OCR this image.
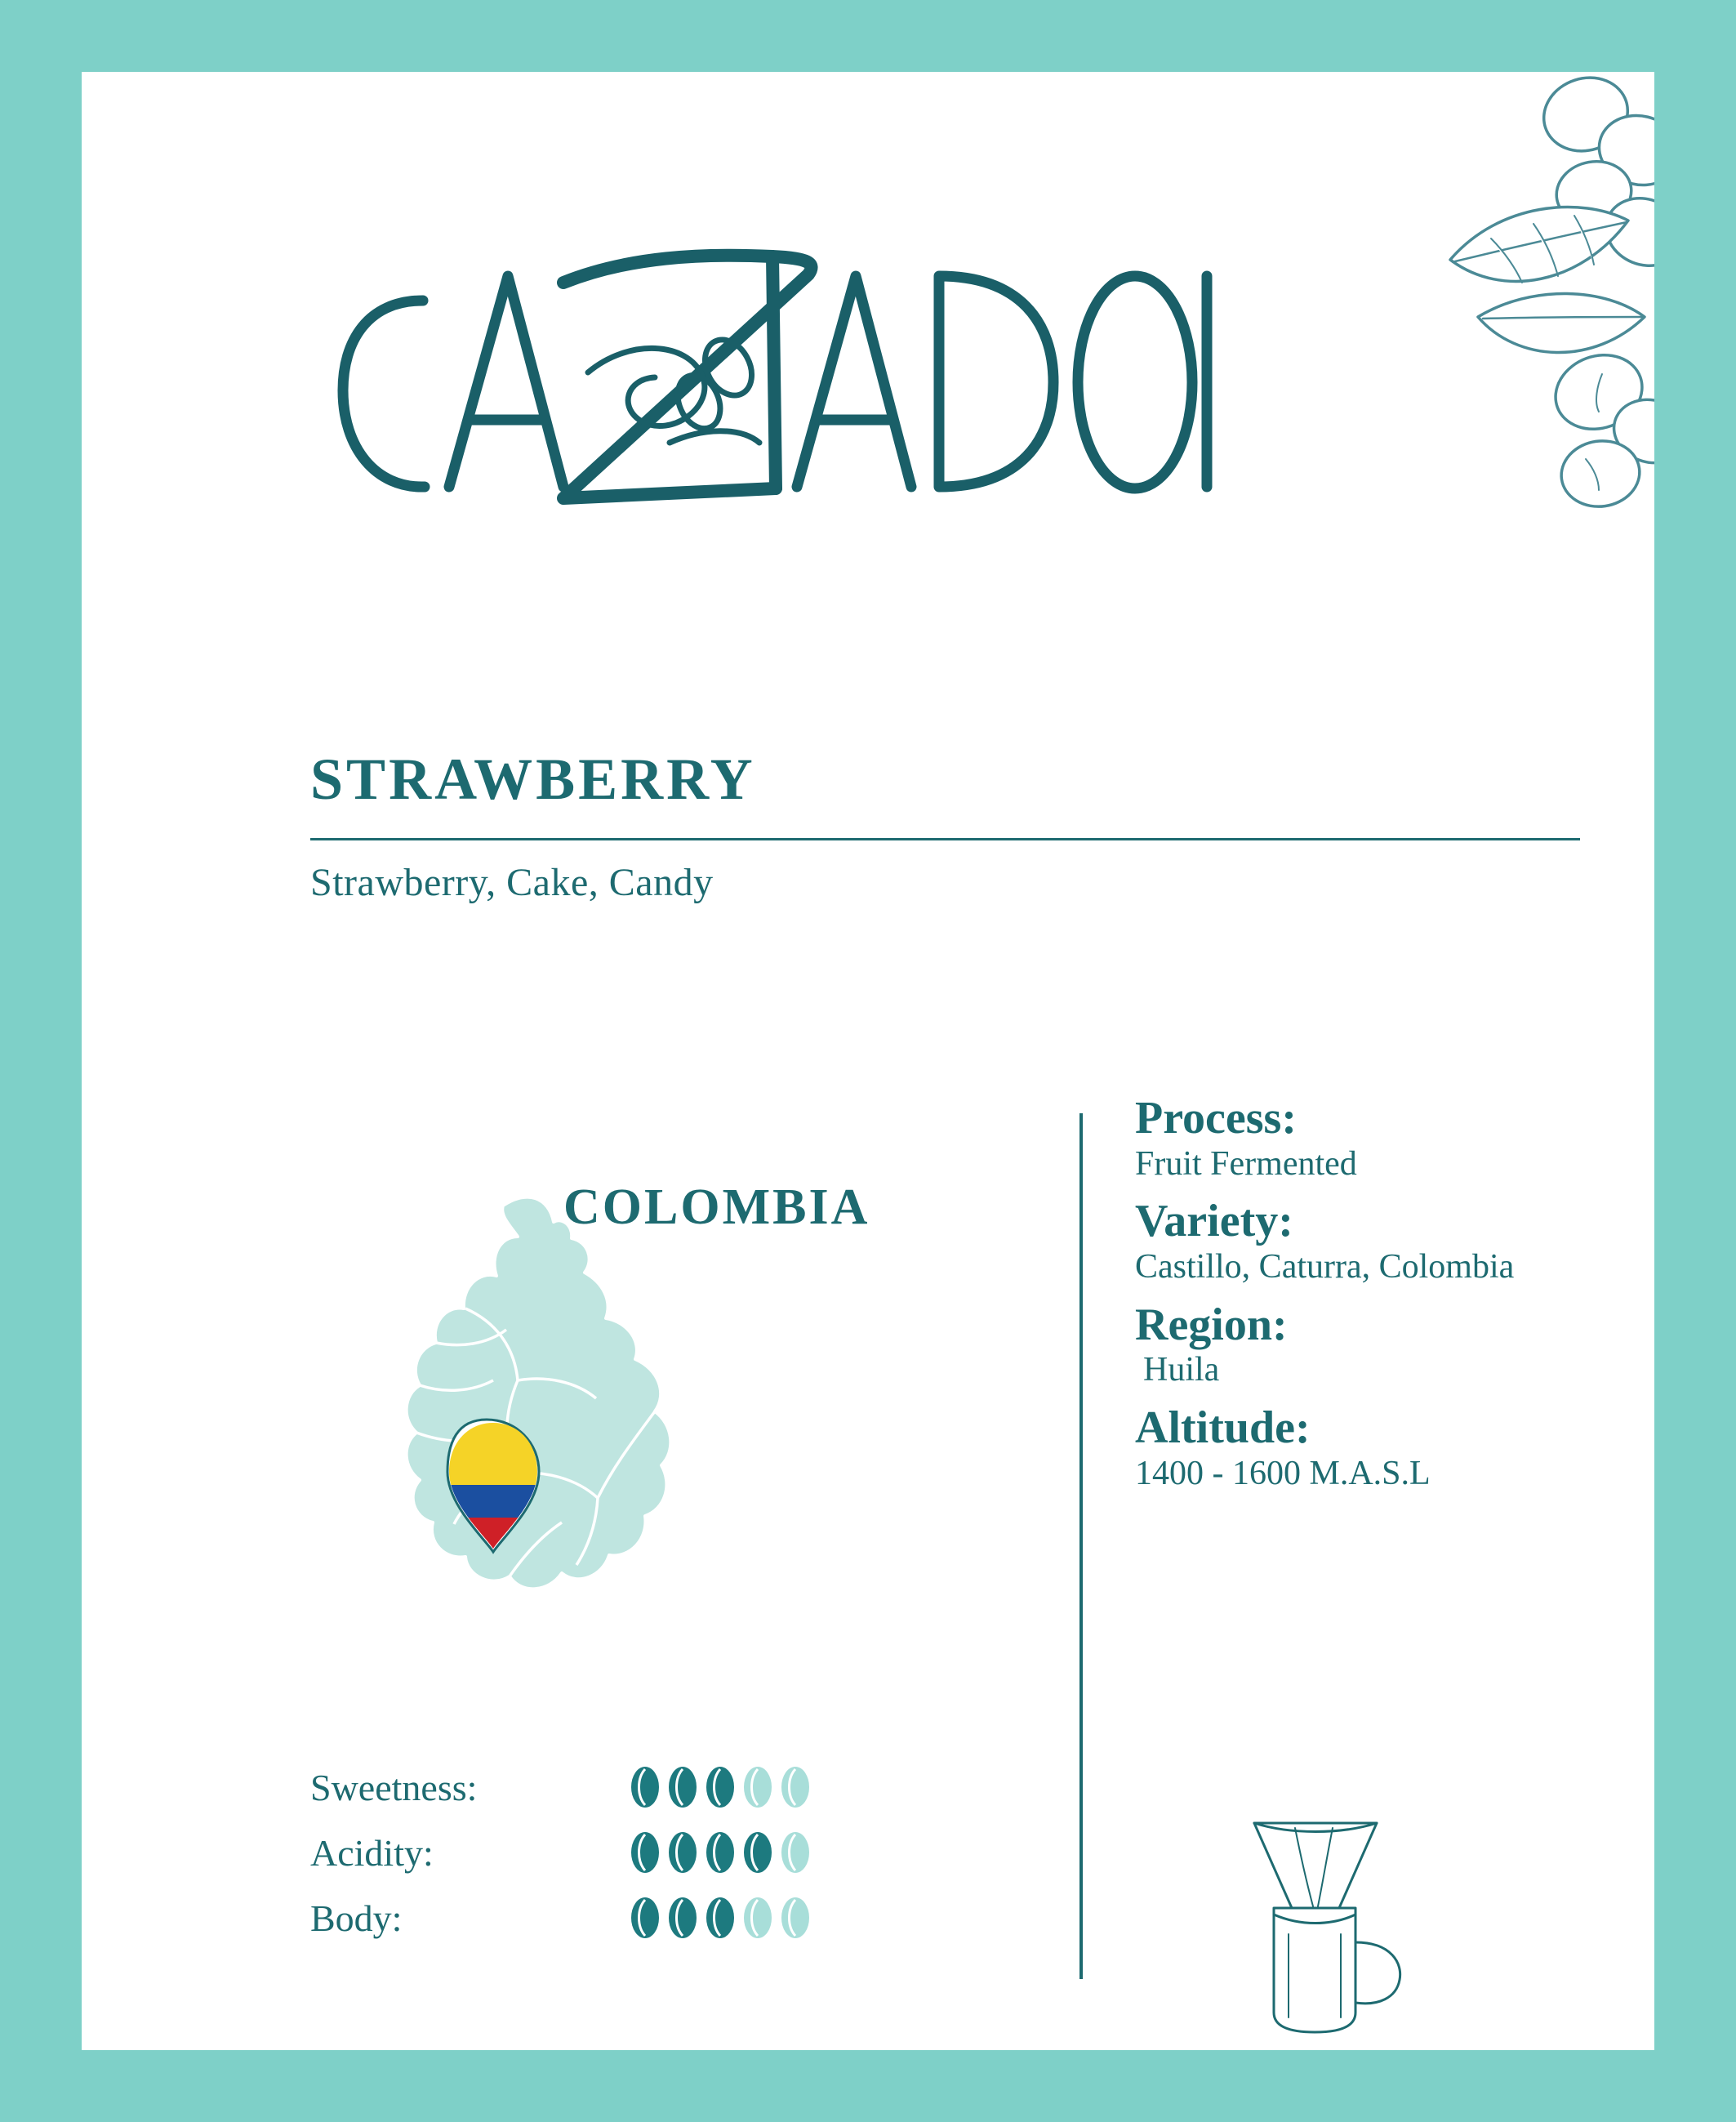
STRAWBERRY
Strawberry, Cake, Candy
COLOMBIA

Process:

Fruit Fermented

Variety:

Castillo, Caturra, Colombia

Region:

Huila

Altitude:

1400 - 1600 M.A.S.L

Sweetness:
Acidity:
Body:
